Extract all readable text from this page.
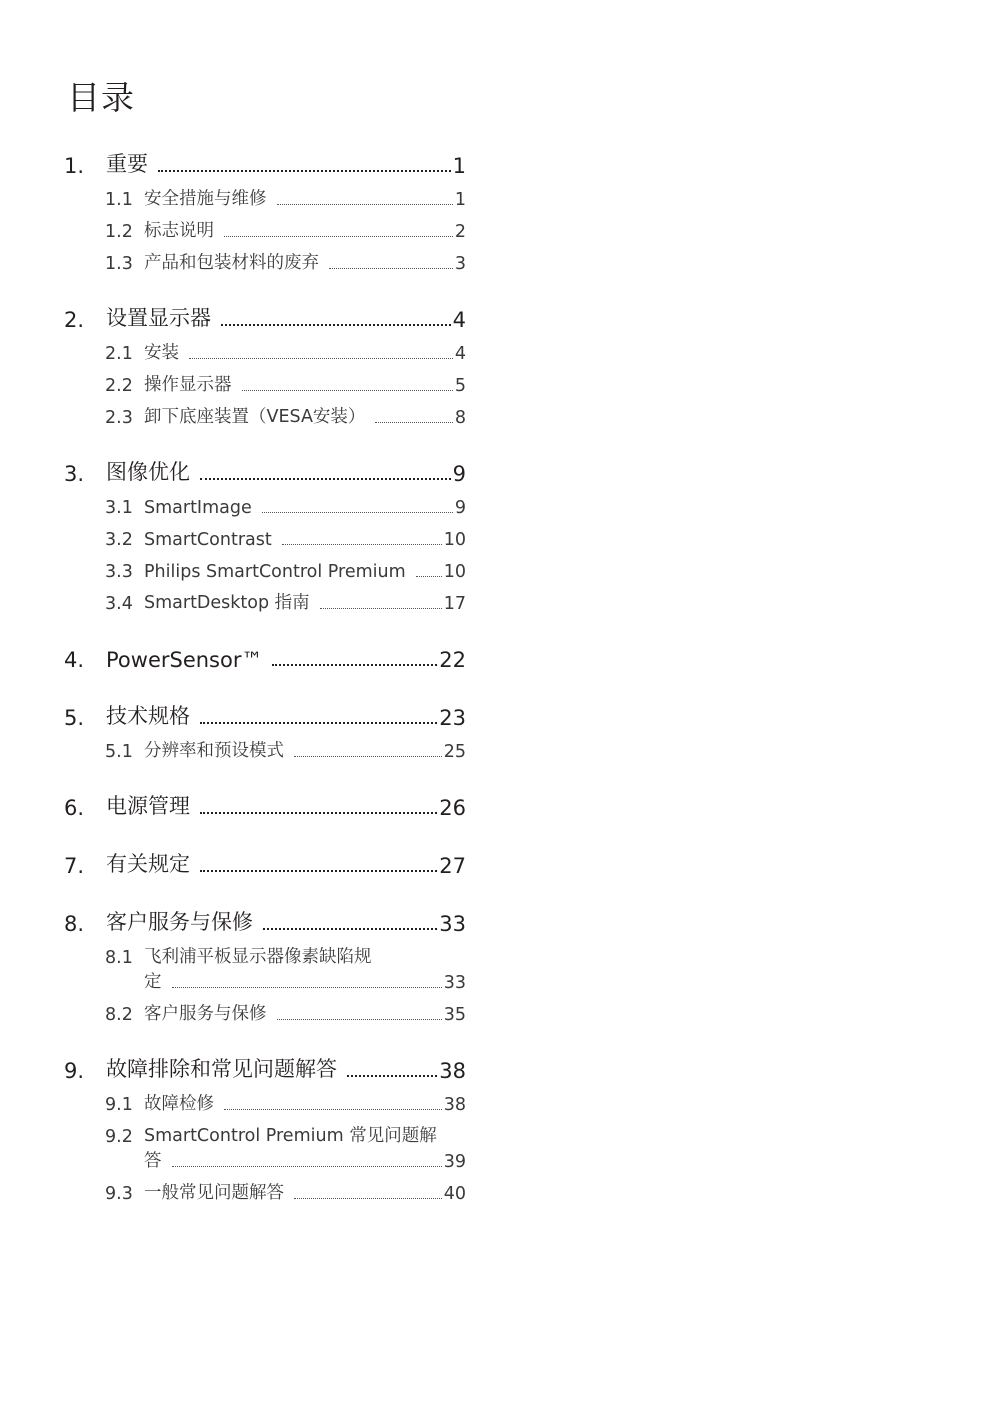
目录
1.	重要	1
1.1 安全措施与维修	1
1.2 标志说明	2
1.3 产品和包装材料的废弃	3
2.	设置显示器	4
2.1 安装	4
2.2 操作显示器	5
2.3 卸下底座装置（VESA安装）	8
3.	图像优化	9
3.1 SmartImage	9
3.2 SmartContrast	10
3.3 Philips SmartControl Premium 10
3.4 SmartDesktop 指南	17
4.	PowerSensor™	22
5.	技术规格	23
5.1 分辨率和预设模式	25
6.	电源管理	26
7.	有关规定	27
8.	客户服务与保修	33
8.1 飞利浦平板显示器像素缺陷规
定	33
8.2 客户服务与保修	35
9.	故障排除和常见问题解答	38
9.1 故障检修	38
9.2 SmartControl Premium 常见问题解
答	39
9.3 一般常见问题解答	40
